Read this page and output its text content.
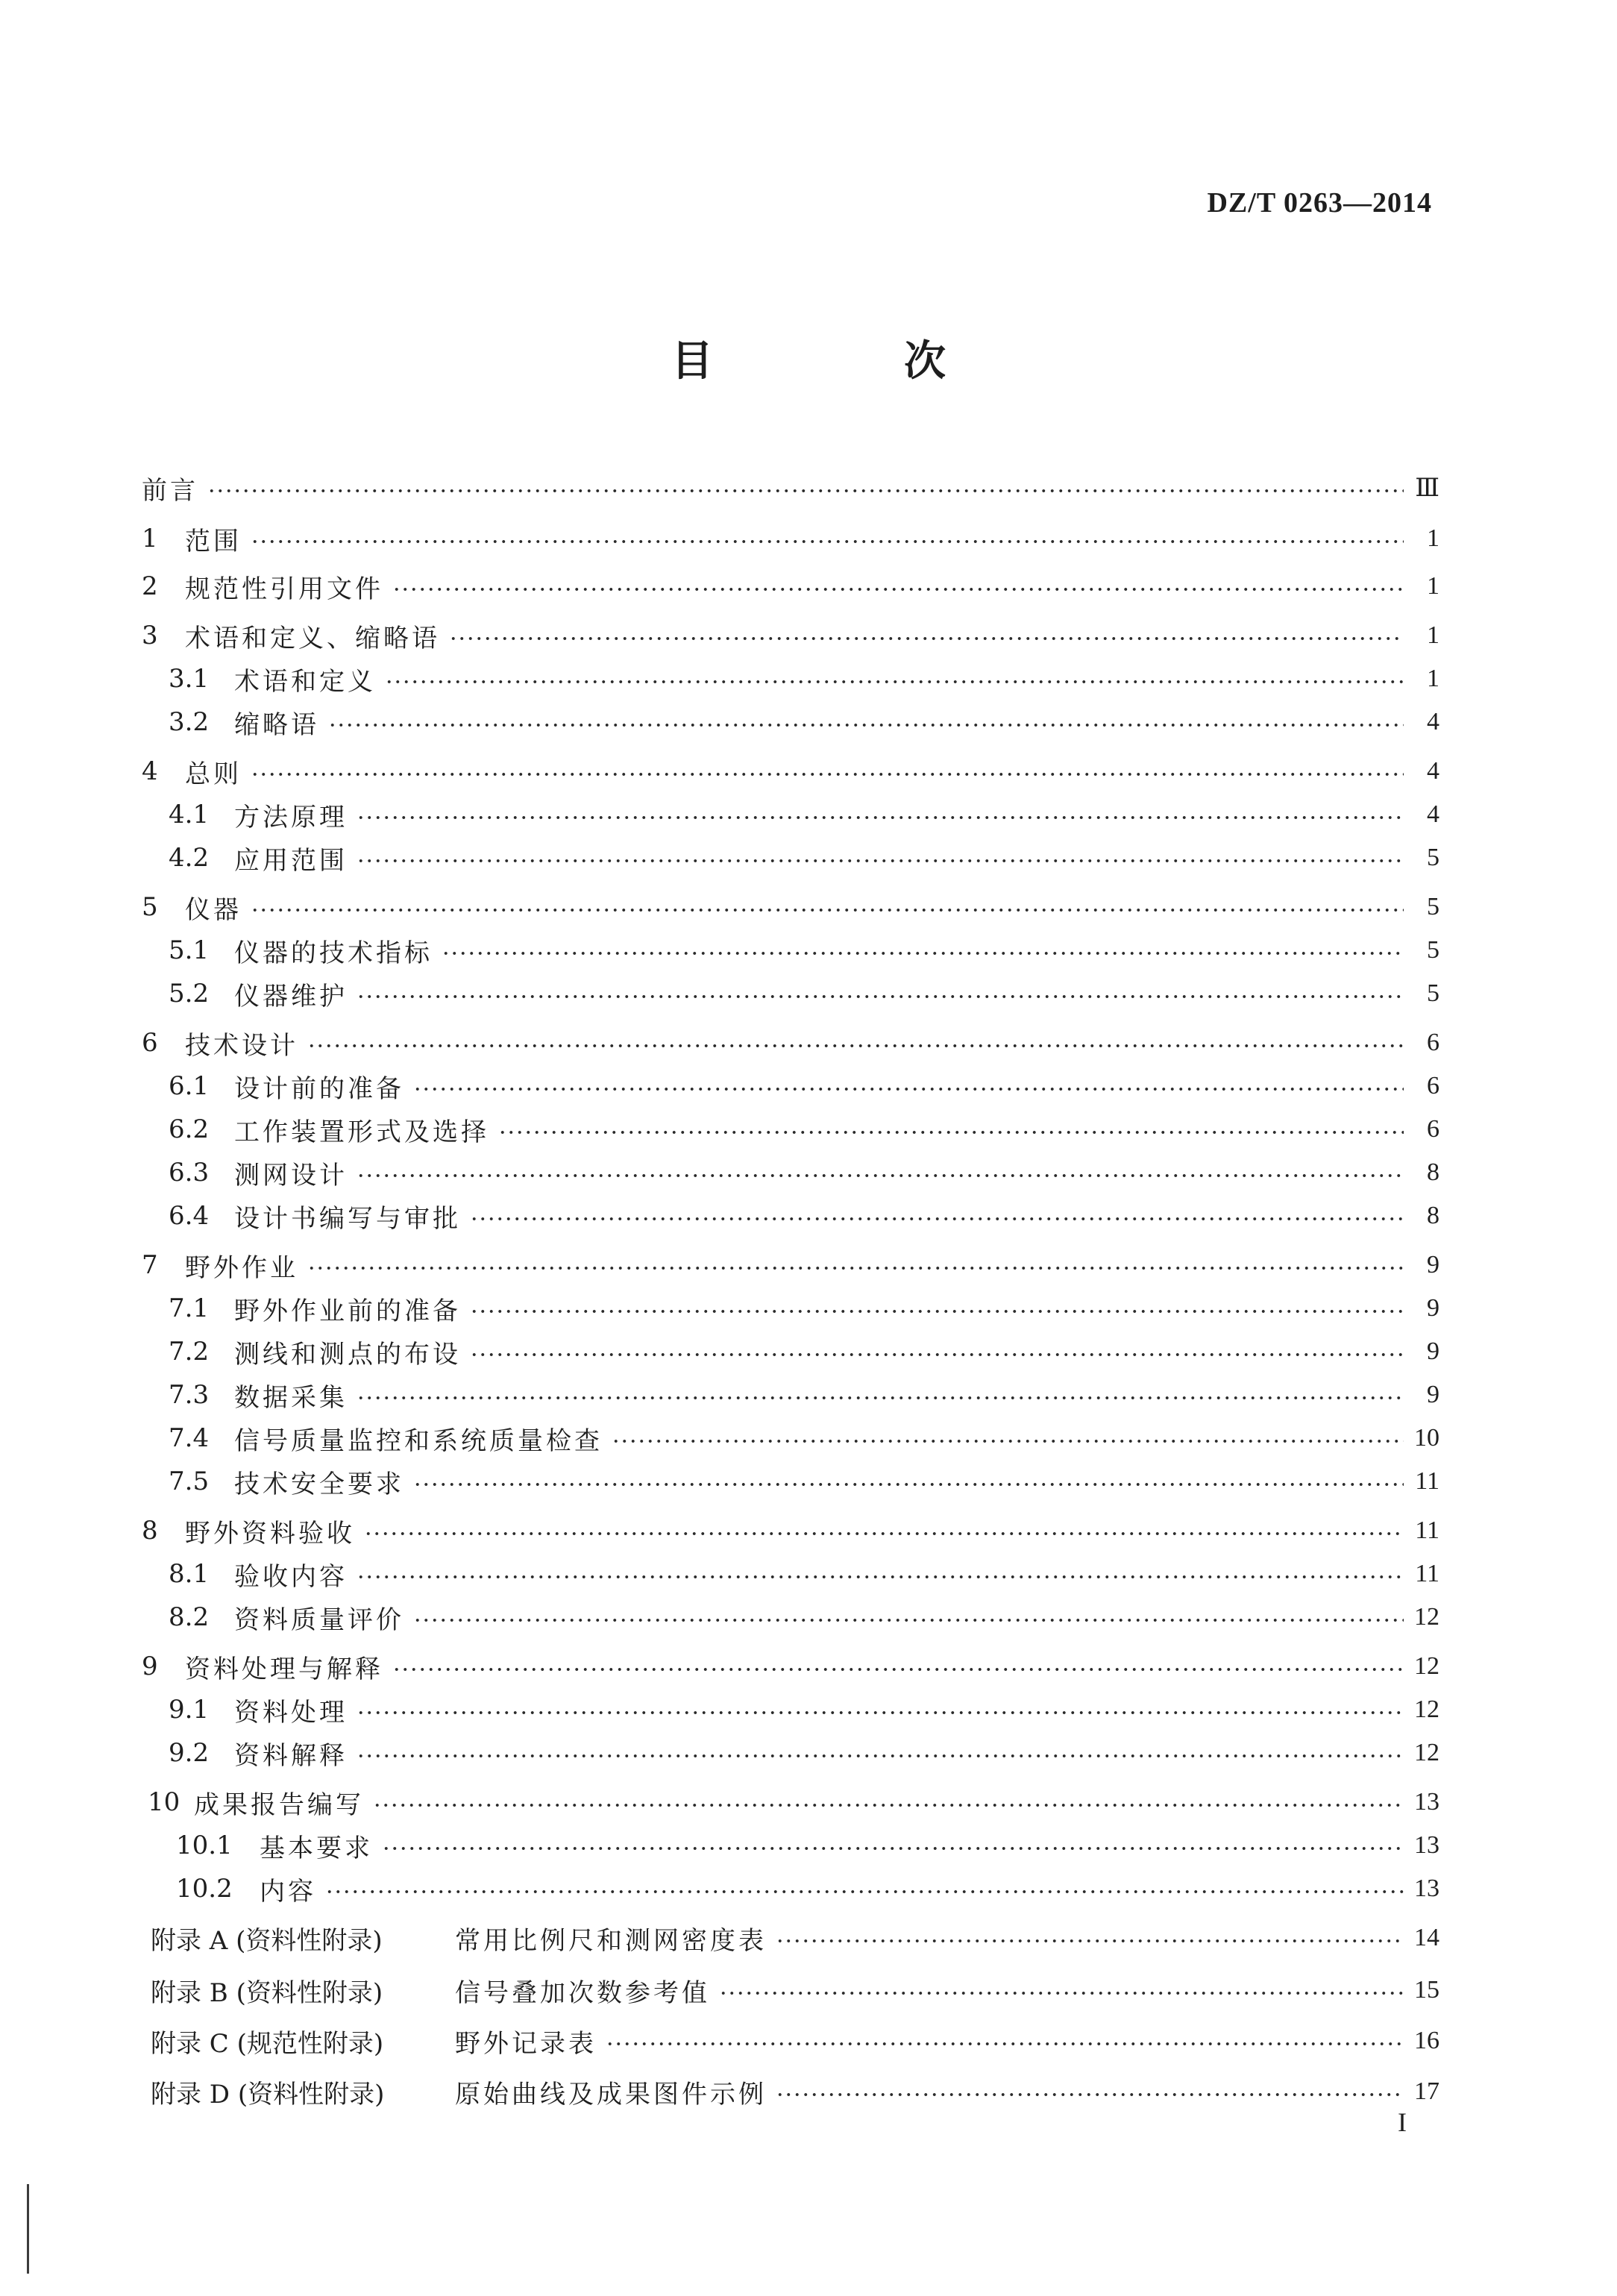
DZ/T 0263—2014
目　次
前言	Ⅲ
1	范围	1
2	规范性引用文件	1
3	术语和定义、缩略语	1
3.1 术语和定义	1
3.2 缩略语	4
4	总则	4
4.1 方法原理	4
4.2 应用范围	5
5	仪器	5
5.1 仪器的技术指标	5
5.2 仪器维护	5
6	技术设计	6
6.1 设计前的准备	6
6.2 工作装置形式及选择	6
6.3 测网设计	8
6.4 设计书编写与审批	8
7	野外作业	9
7.1 野外作业前的准备	9
7.2 测线和测点的布设	9
7.3 数据采集	9
7.4 信号质量监控和系统质量检查	10
7.5 技术安全要求	11
8	野外资料验收	11
8.1 验收内容	11
8.2 资料质量评价	12
9	资料处理与解释	12
9.1 资料处理	12
9.2 资料解释	12
10 成果报告编写	13
10.1	基本要求	13
10.2	内容	13
附录 A (资料性附录)	常用比例尺和测网密度表	14
附录 B (资料性附录)	信号叠加次数参考值	15
附录 C (规范性附录)	野外记录表	16
附录 D (资料性附录)	原始曲线及成果图件示例	17
I
